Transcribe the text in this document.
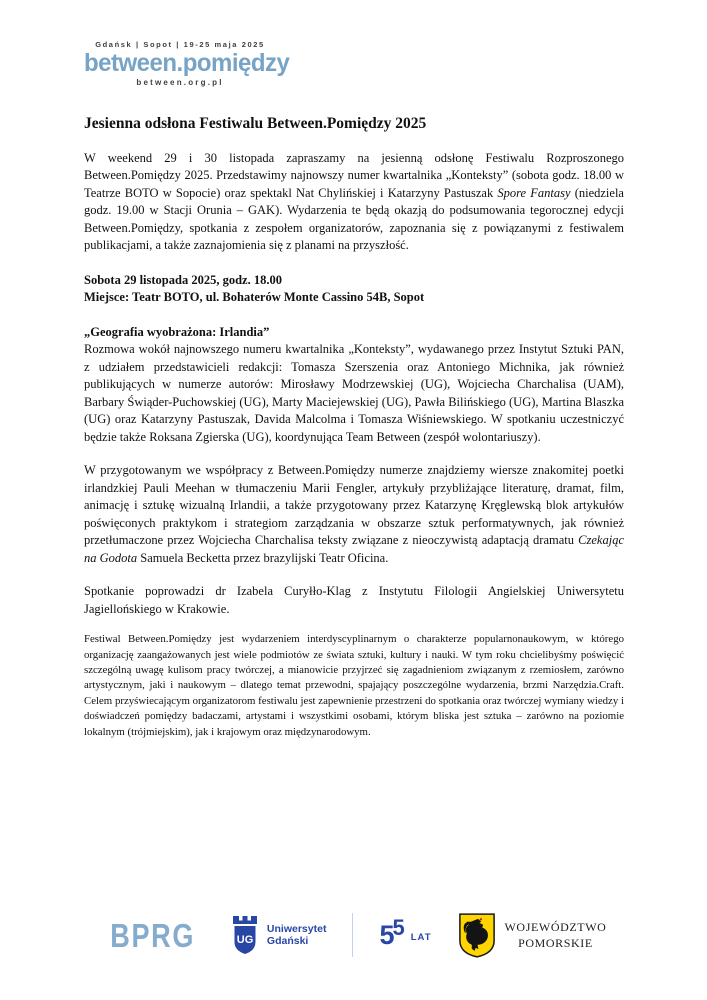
Gdańsk | Sopot | 19-25 maja 2025
between.pomiędzy
between.org.pl
Jesienna odsłona Festiwalu Between.Pomiędzy 2025

W weekend 29 i 30 listopada zapraszamy na jesienną odsłonę Festiwalu Rozproszonego Between.Pomiędzy 2025. Przedstawimy najnowszy numer kwartalnika „Konteksty” (sobota godz. 18.00 w Teatrze BOTO w Sopocie) oraz spektakl Nat Chylińskiej i Katarzyny Pastuszak Spore Fantasy (niedziela godz. 19.00 w Stacji Orunia – GAK). Wydarzenia te będą okazją do podsumowania tegorocznej edycji Between.Pomiędzy, spotkania z zespołem organizatorów, zapoznania się z powiązanymi z festiwalem publikacjami, a także zaznajomienia się z planami na przyszłość.

Sobota 29 listopada 2025, godz. 18.00
Miejsce: Teatr BOTO, ul. Bohaterów Monte Cassino 54B, Sopot
„Geografia wyobrażona: Irlandia”

Rozmowa wokół najnowszego numeru kwartalnika „Konteksty”, wydawanego przez Instytut Sztuki PAN, z udziałem przedstawicieli redakcji: Tomasza Szerszenia oraz Antoniego Michnika, jak również publikujących w numerze autorów: Mirosławy Modrzewskiej (UG), Wojciecha Charchalisa (UAM), Barbary Świąder-Puchowskiej (UG), Marty Maciejewskiej (UG), Pawła Bilińskiego (UG), Martina Blaszka (UG) oraz Katarzyny Pastuszak, Davida Malcolma i Tomasza Wiśniewskiego. W spotkaniu uczestniczyć będzie także Roksana Zgierska (UG), koordynująca Team Between (zespół wolontariuszy).

W przygotowanym we współpracy z Between.Pomiędzy numerze znajdziemy wiersze znakomitej poetki irlandzkiej Pauli Meehan w tłumaczeniu Marii Fengler, artykuły przybliżające literaturę, dramat, film, animację i sztukę wizualną Irlandii, a także przygotowany przez Katarzynę Kręglewską blok artykułów poświęconych praktykom i strategiom zarządzania w obszarze sztuk performatywnych, jak również przetłumaczone przez Wojciecha Charchalisa teksty związane z nieoczywistą adaptacją dramatu Czekając na Godota Samuela Becketta przez brazylijski Teatr Oficina.

Spotkanie poprowadzi dr Izabela Curyłło-Klag z Instytutu Filologii Angielskiej Uniwersytetu Jagiellońskiego w Krakowie.

Festiwal Between.Pomiędzy jest wydarzeniem interdyscyplinarnym o charakterze popularnonaukowym, w którego organizację zaangażowanych jest wiele podmiotów ze świata sztuki, kultury i nauki. W tym roku chcielibyśmy poświęcić szczególną uwagę kulisom pracy twórczej, a mianowicie przyjrzeć się zagadnieniom związanym z rzemiosłem, zarówno artystycznym, jaki i naukowym – dlatego temat przewodni, spajający poszczególne wydarzenia, brzmi Narzędzia.Craft. Celem przyświecającym organizatorom festiwalu jest zapewnienie przestrzeni do spotkania oraz twórczej wymiany wiedzy i doświadczeń pomiędzy badaczami, artystami i wszystkimi osobami, którym bliska jest sztuka – zarówno na poziomie lokalnym (trójmiejskim), jak i krajowym oraz międzynarodowym.

BPRG	UG
Uniwersytet
Gdański	5
5 LAT
WOJEWÓDZTWO
POMORSKIE
